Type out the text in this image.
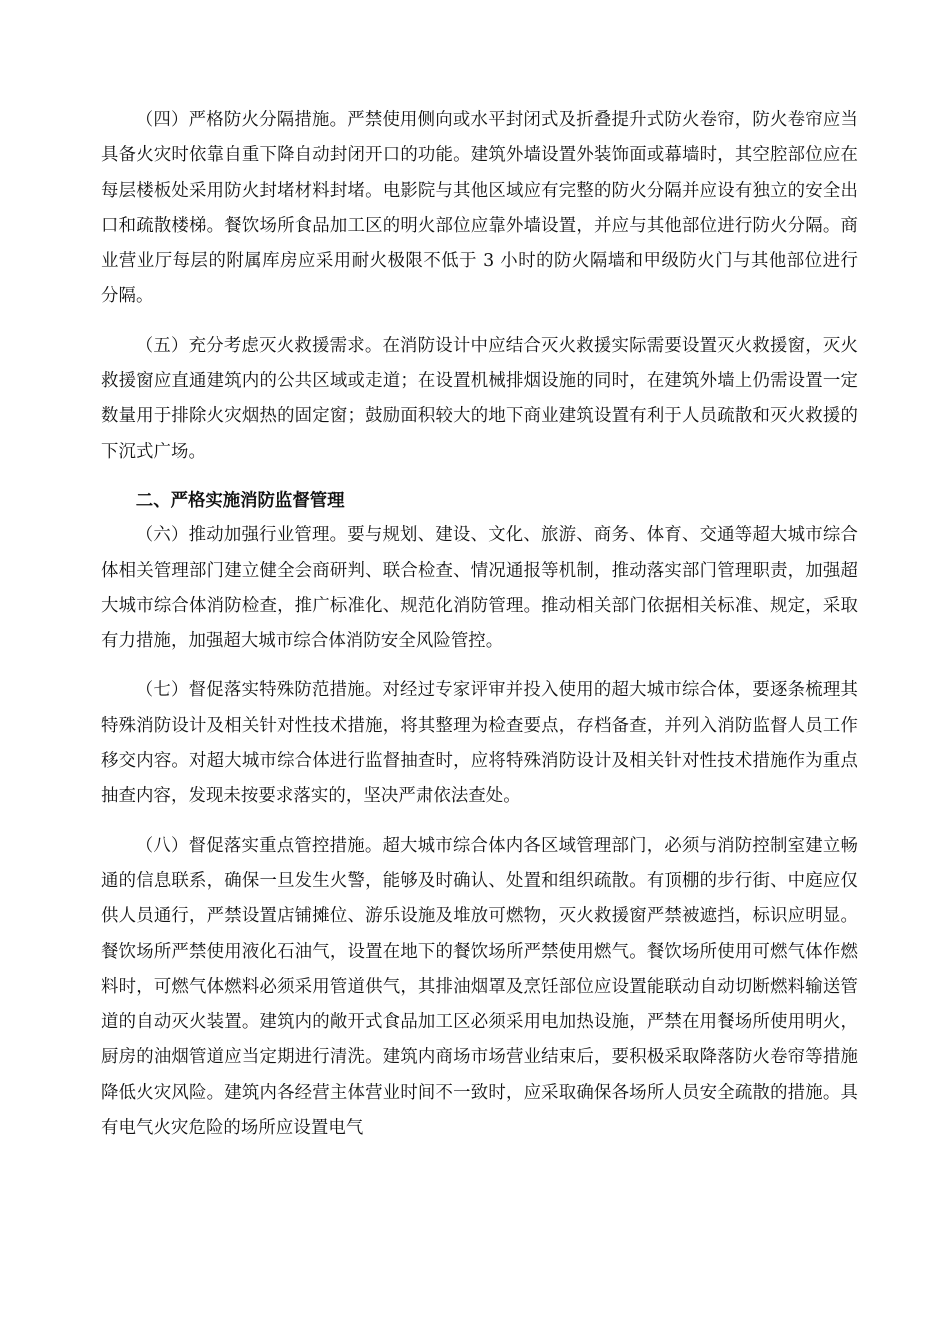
（四）严格防火分隔措施。严禁使用侧向或水平封闭式及折叠提升式防火卷帘，防火卷帘应当具备火灾时依靠自重下降自动封闭开口的功能。建筑外墙设置外装饰面或幕墙时，其空腔部位应在每层楼板处采用防火封堵材料封堵。电影院与其他区域应有完整的防火分隔并应设有独立的安全出口和疏散楼梯。餐饮场所食品加工区的明火部位应靠外墙设置，并应与其他部位进行防火分隔。商业营业厅每层的附属库房应采用耐火极限不低于 3 小时的防火隔墙和甲级防火门与其他部位进行分隔。

（五）充分考虑灭火救援需求。在消防设计中应结合灭火救援实际需要设置灭火救援窗，灭火救援窗应直通建筑内的公共区域或走道；在设置机械排烟设施的同时，在建筑外墙上仍需设置一定数量用于排除火灾烟热的固定窗；鼓励面积较大的地下商业建筑设置有利于人员疏散和灭火救援的下沉式广场。

二、严格实施消防监督管理

（六）推动加强行业管理。要与规划、建设、文化、旅游、商务、体育、交通等超大城市综合体相关管理部门建立健全会商研判、联合检查、情况通报等机制，推动落实部门管理职责，加强超大城市综合体消防检查，推广标准化、规范化消防管理。推动相关部门依据相关标准、规定，采取有力措施，加强超大城市综合体消防安全风险管控。

（七）督促落实特殊防范措施。对经过专家评审并投入使用的超大城市综合体，要逐条梳理其特殊消防设计及相关针对性技术措施，将其整理为检查要点，存档备查，并列入消防监督人员工作移交内容。对超大城市综合体进行监督抽查时，应将特殊消防设计及相关针对性技术措施作为重点抽查内容，发现未按要求落实的，坚决严肃依法查处。

（八）督促落实重点管控措施。超大城市综合体内各区域管理部门，必须与消防控制室建立畅通的信息联系，确保一旦发生火警，能够及时确认、处置和组织疏散。有顶棚的步行街、中庭应仅供人员通行，严禁设置店铺摊位、游乐设施及堆放可燃物，灭火救援窗严禁被遮挡，标识应明显。餐饮场所严禁使用液化石油气，设置在地下的餐饮场所严禁使用燃气。餐饮场所使用可燃气体作燃料时，可燃气体燃料必须采用管道供气，其排油烟罩及烹饪部位应设置能联动自动切断燃料输送管道的自动灭火装置。建筑内的敞开式食品加工区必须采用电加热设施，严禁在用餐场所使用明火，厨房的油烟管道应当定期进行清洗。建筑内商场市场营业结束后，要积极采取降落防火卷帘等措施降低火灾风险。建筑内各经营主体营业时间不一致时，应采取确保各场所人员安全疏散的措施。具有电气火灾危险的场所应设置电气
